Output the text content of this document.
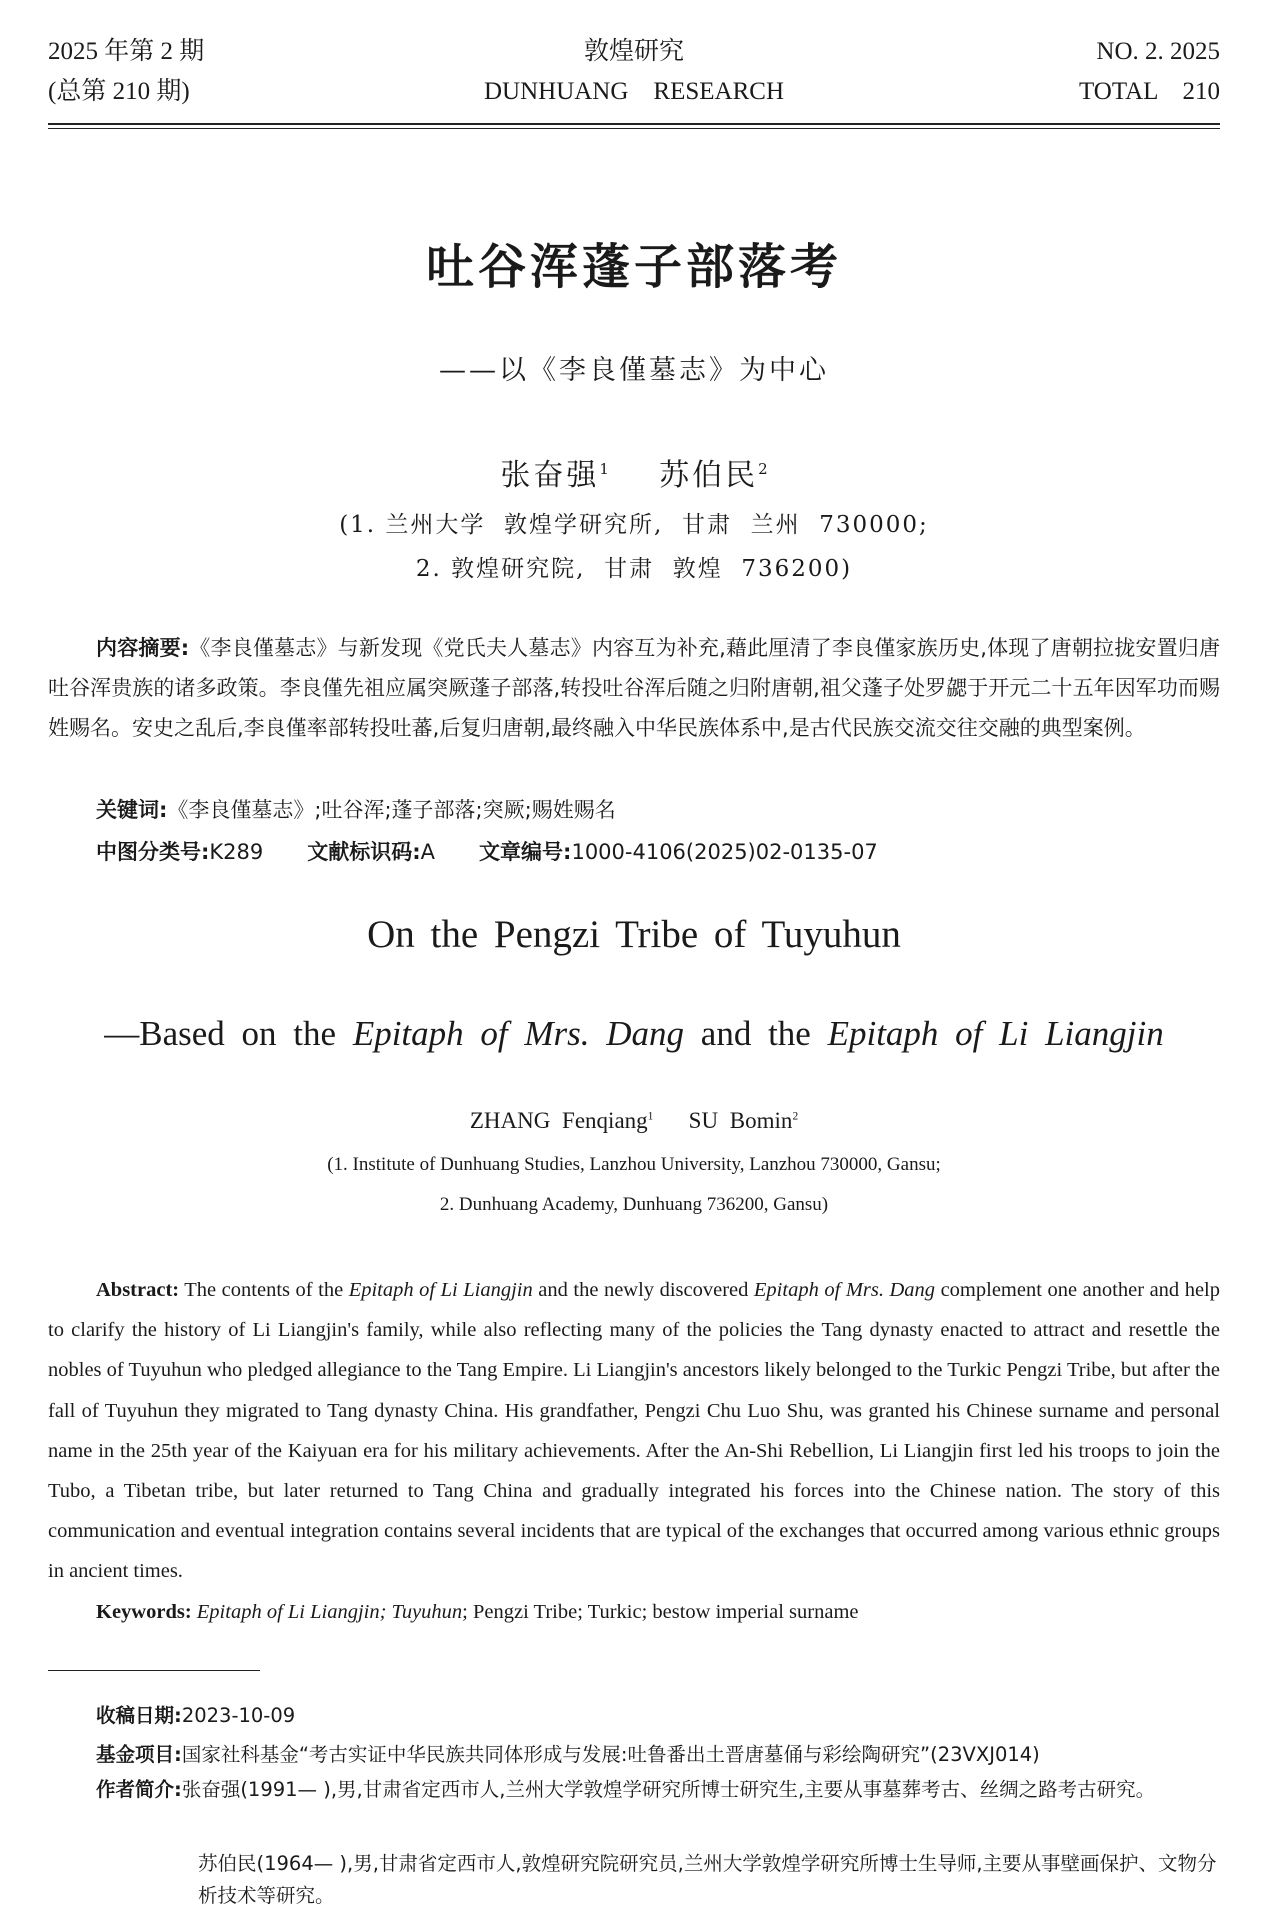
2025 年第 2 期
(总第 210 期)
敦煌研究
DUNHUANG    RESEARCH
NO. 2. 2025
TOTAL    210
吐谷浑蓬子部落考
——以《李良僅墓志》为中心
张奋强$^1$ 苏伯民$^2$
(1. 兰州大学  敦煌学研究所,  甘肃  兰州  730000;
2. 敦煌研究院,  甘肃  敦煌  736200)
内容摘要:《李良僅墓志》与新发现《党氏夫人墓志》内容互为补充,藉此厘清了李良僅家族历史,体现了唐朝拉拢安置归唐吐谷浑贵族的诸多政策。李良僅先祖应属突厥蓬子部落,转投吐谷浑后随之归附唐朝,祖父蓬子处罗勰于开元二十五年因军功而赐姓赐名。安史之乱后,李良僅率部转投吐蕃,后复归唐朝,最终融入中华民族体系中,是古代民族交流交往交融的典型案例。
关键词:《李良僅墓志》;吐谷浑;蓬子部落;突厥;赐姓赐名
中图分类号:K289 文献标识码:A 文章编号:1000-4106(2025)02-0135-07
On the Pengzi Tribe of Tuyuhun
—Based on the Epitaph of Mrs. Dang and the Epitaph of Li Liangjin
ZHANG Fenqiang$^1$ SU Bomin$^2$
(1. Institute of Dunhuang Studies, Lanzhou University, Lanzhou 730000, Gansu;
2. Dunhuang Academy, Dunhuang 736200, Gansu)
Abstract: The contents of the Epitaph of Li Liangjin and the newly discovered Epitaph of Mrs. Dang complement one another and help to clarify the history of Li Liangjin's family, while also reflecting many of the policies the Tang dynasty enacted to attract and resettle the nobles of Tuyuhun who pledged allegiance to the Tang Empire. Li Liangjin's ancestors likely belonged to the Turkic Pengzi Tribe, but after the fall of Tuyuhun they migrated to Tang dynasty China. His grandfather, Pengzi Chu Luo Shu, was granted his Chinese surname and personal name in the 25th year of the Kaiyuan era for his military achievements. After the An-Shi Rebellion, Li Liangjin first led his troops to join the Tubo, a Tibetan tribe, but later returned to Tang China and gradually integrated his forces into the Chinese nation. The story of this communication and eventual integration contains several incidents that are typical of the exchanges that occurred among various ethnic groups in ancient times.
Keywords: Epitaph of Li Liangjin; Tuyuhun; Pengzi Tribe; Turkic; bestow imperial surname
收稿日期:2023-10-09
基金项目:国家社科基金“考古实证中华民族共同体形成与发展:吐鲁番出土晋唐墓俑与彩绘陶研究”(23VXJ014)
作者简介:张奋强(1991— ),男,甘肃省定西市人,兰州大学敦煌学研究所博士研究生,主要从事墓葬考古、丝绸之路考古研究。
苏伯民(1964— ),男,甘肃省定西市人,敦煌研究院研究员,兰州大学敦煌学研究所博士生导师,主要从事壁画保护、文物分析技术等研究。
